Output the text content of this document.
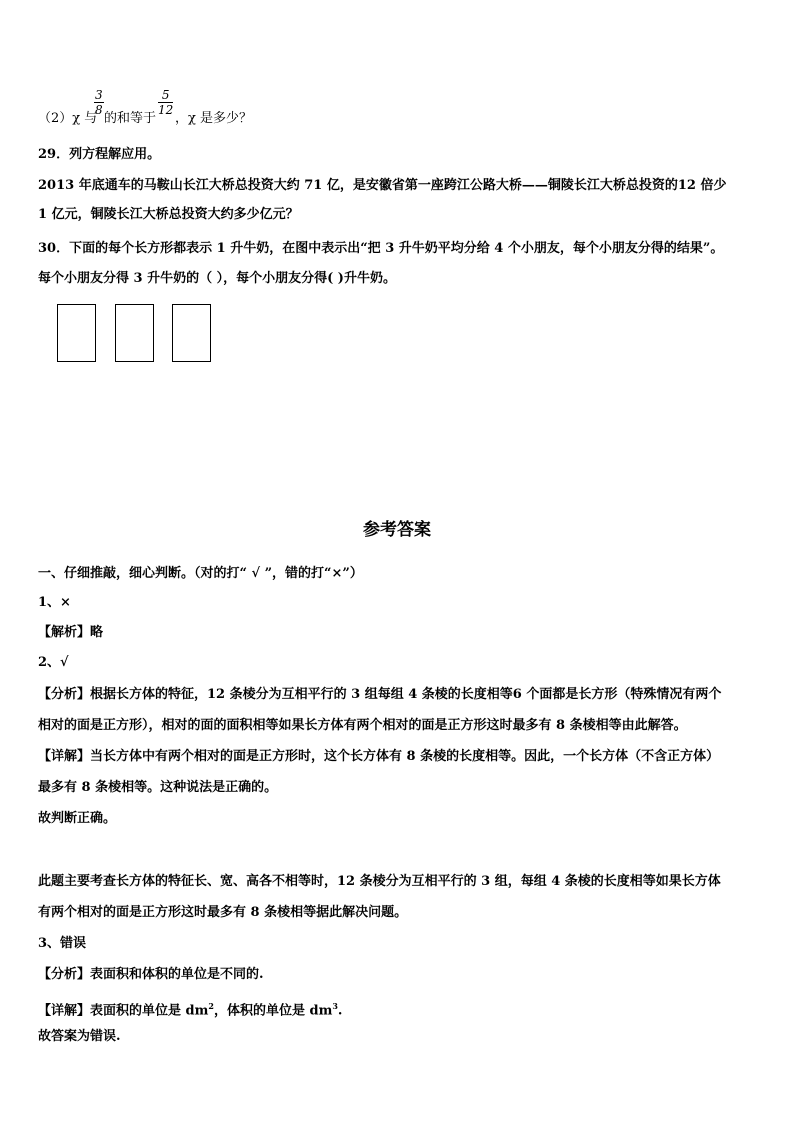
$\frac{3}{8}$	$\frac{5}{12}$
（2）χ 与 的和等于 ，χ 是多少？
29．列方程解应用。
2013 年底通车的马鞍山长江大桥总投资大约 71 亿，是安徽省第一座跨江公路大桥——铜陵长江大桥总投资的12 倍少
1 亿元，铜陵长江大桥总投资大约多少亿元？
30．下面的每个长方形都表示 1 升牛奶，在图中表示出“把 3 升牛奶平均分给 4 个小朋友，每个小朋友分得的结果”。
每个小朋友分得 3 升牛奶的（ ），每个小朋友分得( )升牛奶。
参考答案
一、仔细推敲，细心判断。（对的打“ √ ”，错的打“×”）
1、×
【解析】略
2、√
【分析】根据长方体的特征，12 条棱分为互相平行的 3 组每组 4 条棱的长度相等6 个面都是长方形（特殊情况有两个
相对的面是正方形），相对的面的面积相等如果长方体有两个相对的面是正方形这时最多有 8 条棱相等由此解答。
【详解】当长方体中有两个相对的面是正方形时，这个长方体有 8 条棱的长度相等。因此，一个长方体（不含正方体）
最多有 8 条棱相等。这种说法是正确的。
故判断正确。
此题主要考查长方体的特征长、宽、高各不相等时，12 条棱分为互相平行的 3 组，每组 4 条棱的长度相等如果长方体
有两个相对的面是正方形这时最多有 8 条棱相等据此解决问题。
3、错误
【分析】表面积和体积的单位是不同的.
【详解】表面积的单位是 $dm^2$，体积的单位是 $dm^3$.
故答案为错误.
